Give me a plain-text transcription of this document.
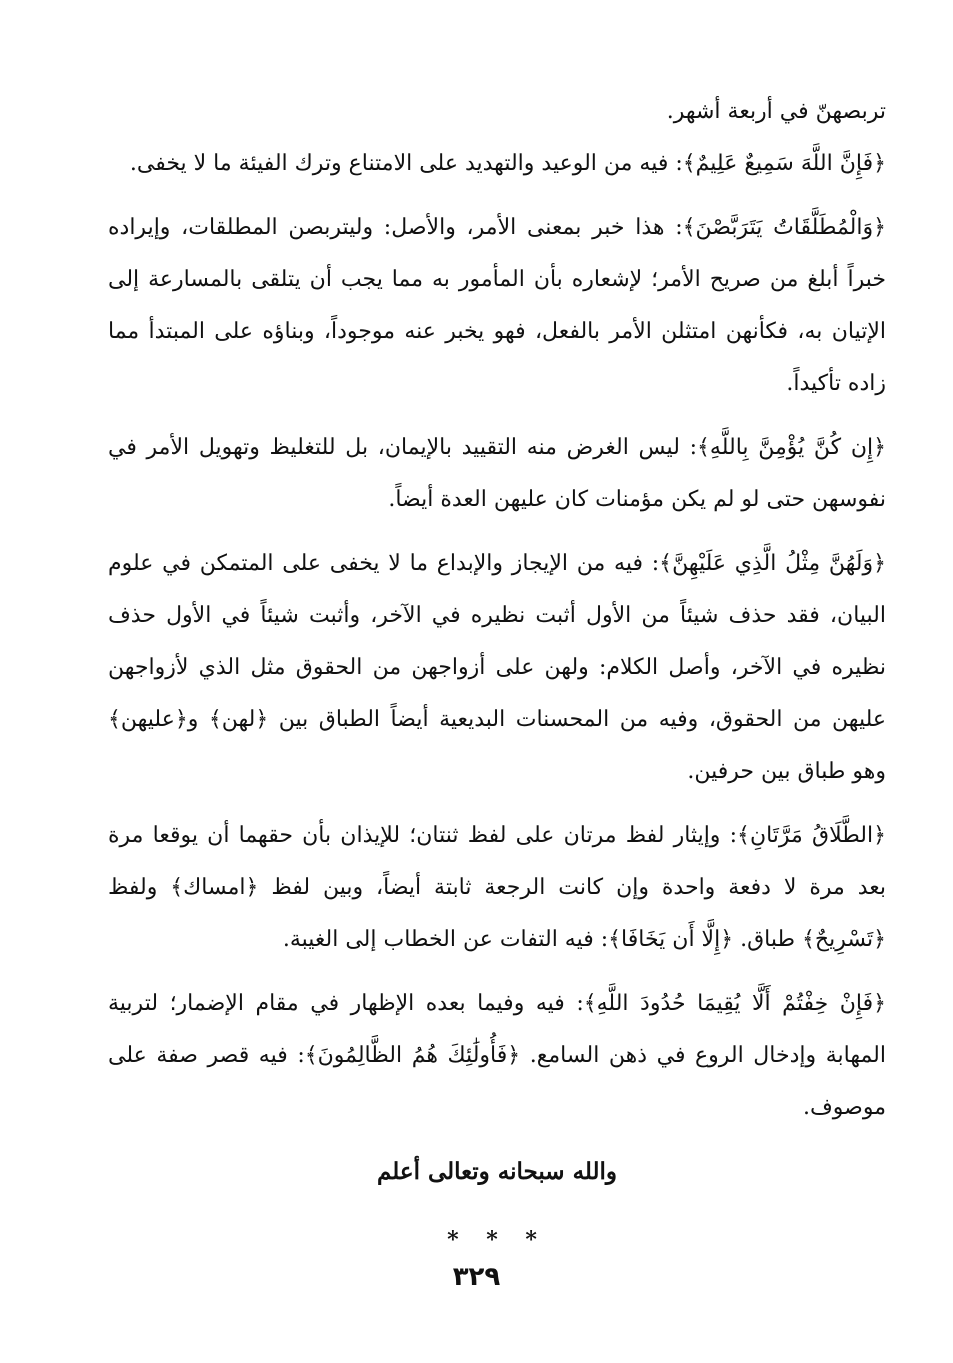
تربصهنّ في أربعة أشهر.

﴿فَإِنَّ اللَّهَ سَمِيعٌ عَلِيمٌ﴾: فيه من الوعيد والتهديد على الامتناع وترك الفيئة ما لا يخفى.

﴿وَالْمُطَلَّقَاتُ يَتَرَبَّصْنَ﴾: هذا خبر بمعنى الأمر، والأصل: وليتربصن المطلقات، وإيراده خبراً أبلغ من صريح الأمر؛ لإشعاره بأن المأمور به مما يجب أن يتلقى بالمسارعة إلى الإتيان به، فكأنهن امتثلن الأمر بالفعل، فهو يخبر عنه موجوداً، وبناؤه على المبتدأ مما زاده تأكيداً.

﴿إِن كُنَّ يُؤْمِنَّ بِاللَّهِ﴾: ليس الغرض منه التقييد بالإيمان، بل للتغليظ وتهويل الأمر في نفوسهن حتى لو لم يكن مؤمنات كان عليهن العدة أيضاً.

﴿وَلَهُنَّ مِثْلُ الَّذِي عَلَيْهِنَّ﴾: فيه من الإيجاز والإبداع ما لا يخفى على المتمكن في علوم البيان، فقد حذف شيئاً من الأول أثبت نظيره في الآخر، وأثبت شيئاً في الأول حذف نظيره في الآخر، وأصل الكلام: ولهن على أزواجهن من الحقوق مثل الذي لأزواجهن عليهن من الحقوق، وفيه من المحسنات البديعية أيضاً الطباق بين ﴿لهن﴾ و﴿عليهن﴾ وهو طباق بين حرفين.

﴿الطَّلَاقُ مَرَّتَانِ﴾: وإيثار لفظ مرتان على لفظ ثنتان؛ للإيذان بأن حقهما أن يوقعا مرة بعد مرة لا دفعة واحدة وإن كانت الرجعة ثابتة أيضاً، وبين لفظ ﴿امساك﴾ ولفظ ﴿تَسْرِيحٌ﴾ طباق. ﴿إِلَّا أَن يَخَافَا﴾: فيه التفات عن الخطاب إلى الغيبة.

﴿فَإِنْ خِفْتُمْ أَلَّا يُقِيمَا حُدُودَ اللَّهِ﴾: فيه وفيما بعده الإظهار في مقام الإضمار؛ لتربية المهابة وإدخال الروع في ذهن السامع. ﴿فَأُولَٰئِكَ هُمُ الظَّالِمُونَ﴾: فيه قصر صفة على موصوف.

والله سبحانه وتعالى أعلم
* * *
٣٢٩
